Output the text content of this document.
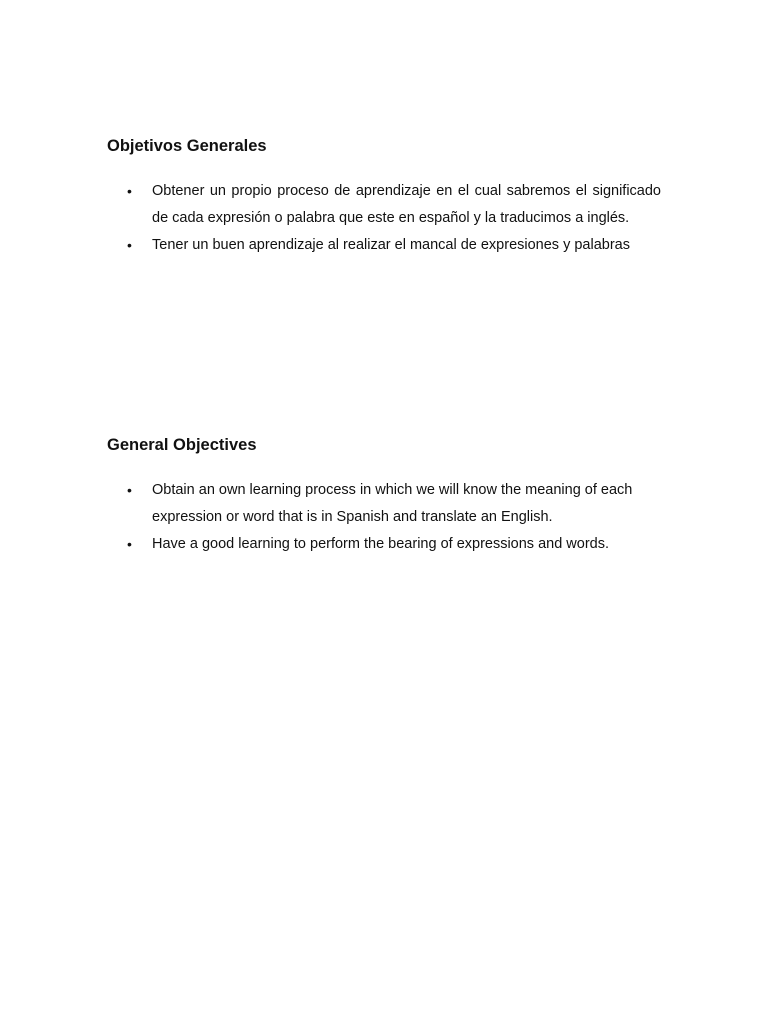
Objetivos Generales
• Obtener un propio proceso de aprendizaje en el cual sabremos el significado de cada expresión o palabra que este en español y la traducimos a inglés.
• Tener un buen aprendizaje al realizar el mancal de expresiones y palabras
General Objectives
• Obtain an own learning process in which we will know the meaning of each expression or word that is in Spanish and translate an English.
• Have a good learning to perform the bearing of expressions and words.
